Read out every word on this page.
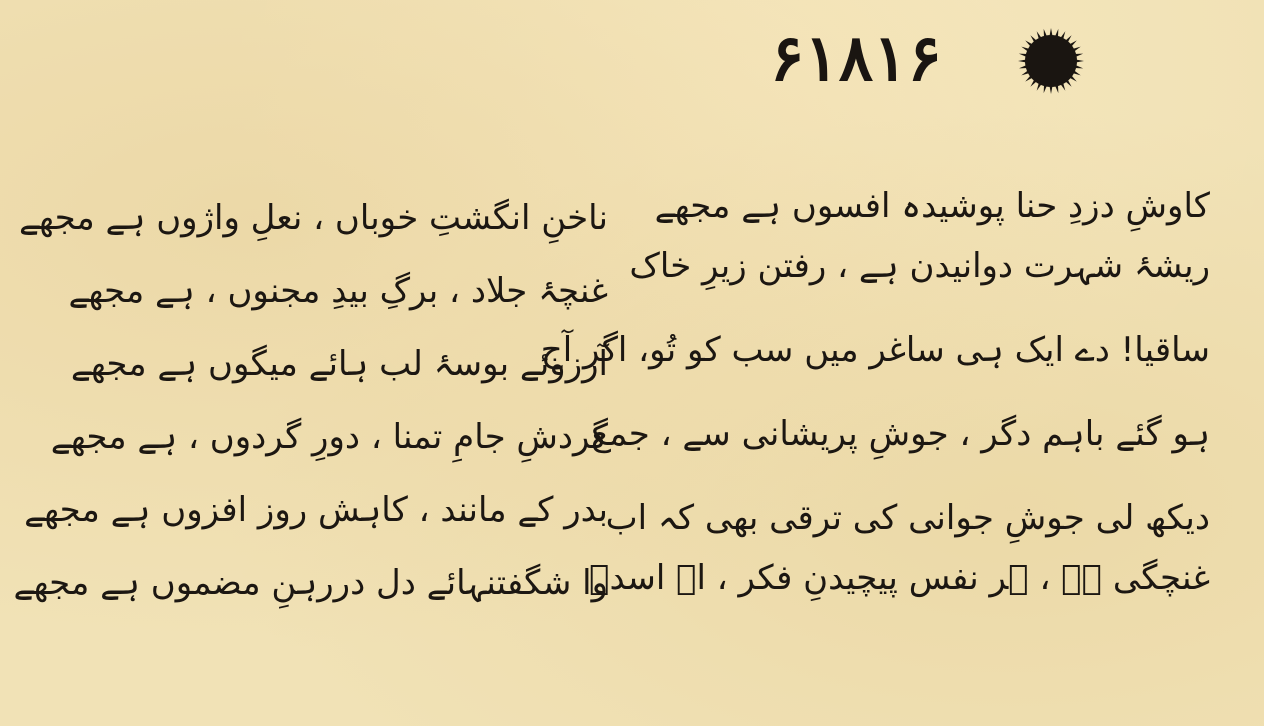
۶۱۸۱۶
کاوشِ دزدِ حنا پوشیدہ افسوں ہے مجھے
ریشۂ شہرت دوانیدن ہے ، رفتن زیرِ خاک
ساقیا! دے ایک ہی ساغر میں سب کو تُو، اگر آج
ہو گئے باہم دگر ، جوشِ پریشانی سے ، جمع
دیکھ لی جوشِ جوانی کی ترقی بھی کہ اب
غنچگی ہے ، ہر نفس پیچیدنِ فکر ، اے اسدؔ
ناخنِ انگشتِ خوباں ، نعلِ واژوں ہے مجھے
غنچۂ جلاد ، برگِ بیدِ مجنوں ، ہے مجھے
آرزوئے بوسۂ لب ہائے میگوں ہے مجھے
گردشِ جامِ تمنا ، دورِ گردوں ، ہے مجھے
بدر کے مانند ، کاہش روز افزوں ہے مجھے
وا شگفتنہائے دل دررہنِ مضموں ہے مجھے
